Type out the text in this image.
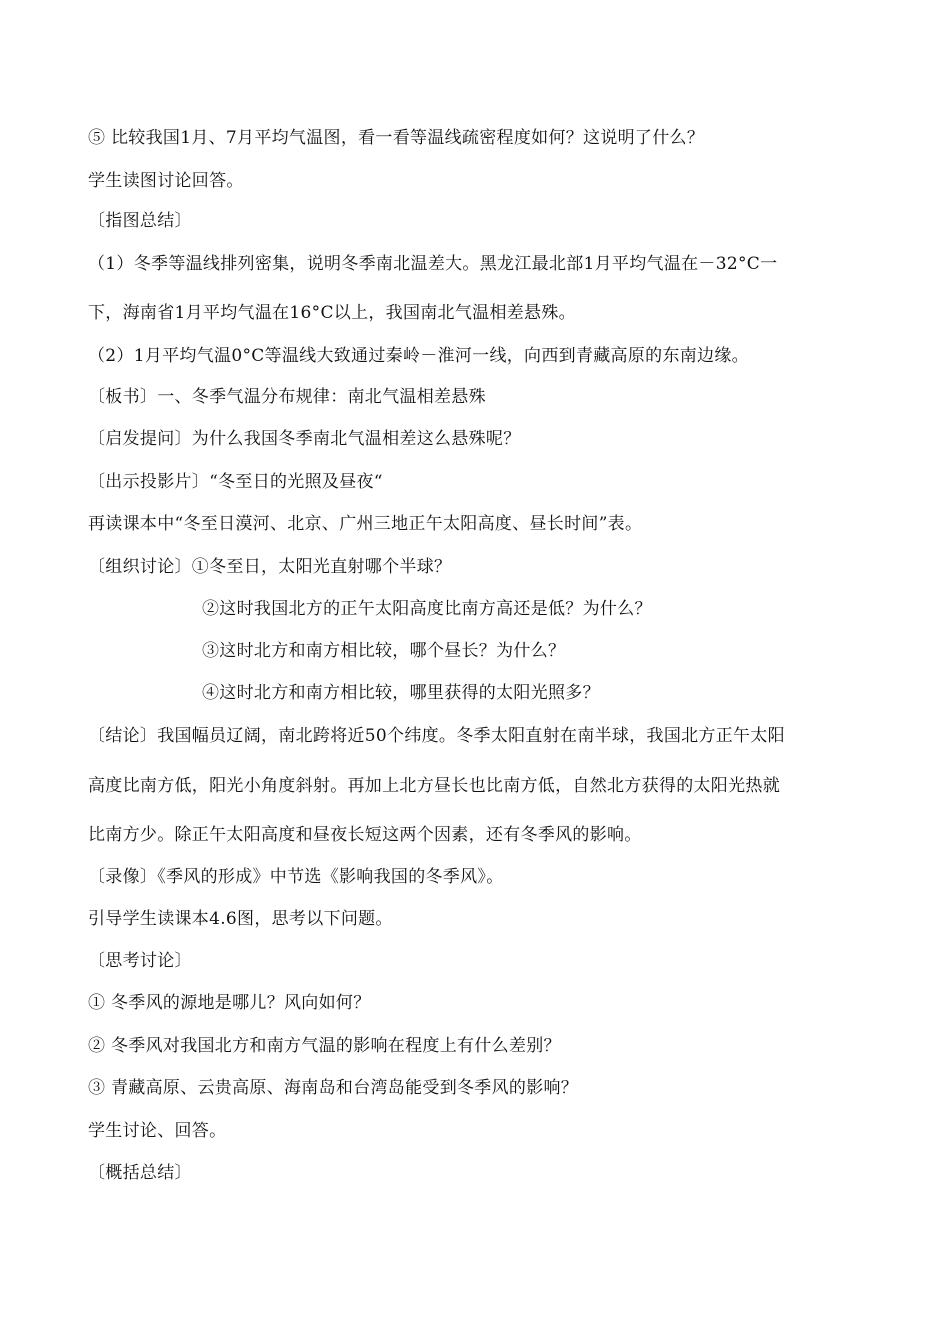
⑤ 比较我国1月、7月平均气温图，看一看等温线疏密程度如何？这说明了什么？
学生读图讨论回答。
〔指图总结〕
（1）冬季等温线排列密集，说明冬季南北温差大。黑龙江最北部1月平均气温在－32°C一
下，海南省1月平均气温在16°C以上，我国南北气温相差悬殊。
（2）1月平均气温0°C等温线大致通过秦岭－淮河一线，向西到青藏高原的东南边缘。
〔板书〕一、冬季气温分布规律：南北气温相差悬殊
〔启发提问〕为什么我国冬季南北气温相差这么悬殊呢？
〔出示投影片〕“冬至日的光照及昼夜“
再读课本中“冬至日漠河、北京、广州三地正午太阳高度、昼长时间”表。
〔组织讨论〕①冬至日，太阳光直射哪个半球？
②这时我国北方的正午太阳高度比南方高还是低？为什么？
③这时北方和南方相比较，哪个昼长？为什么？
④这时北方和南方相比较，哪里获得的太阳光照多？
〔结论〕我国幅员辽阔，南北跨将近50个纬度。冬季太阳直射在南半球，我国北方正午太阳
高度比南方低，阳光小角度斜射。再加上北方昼长也比南方低，自然北方获得的太阳光热就
比南方少。除正午太阳高度和昼夜长短这两个因素，还有冬季风的影响。
〔录像〕《季风的形成》中节选《影响我国的冬季风》。
引导学生读课本4.6图，思考以下问题。
〔思考讨论〕
① 冬季风的源地是哪儿？风向如何？
② 冬季风对我国北方和南方气温的影响在程度上有什么差别？
③ 青藏高原、云贵高原、海南岛和台湾岛能受到冬季风的影响？
学生讨论、回答。
〔概括总结〕
